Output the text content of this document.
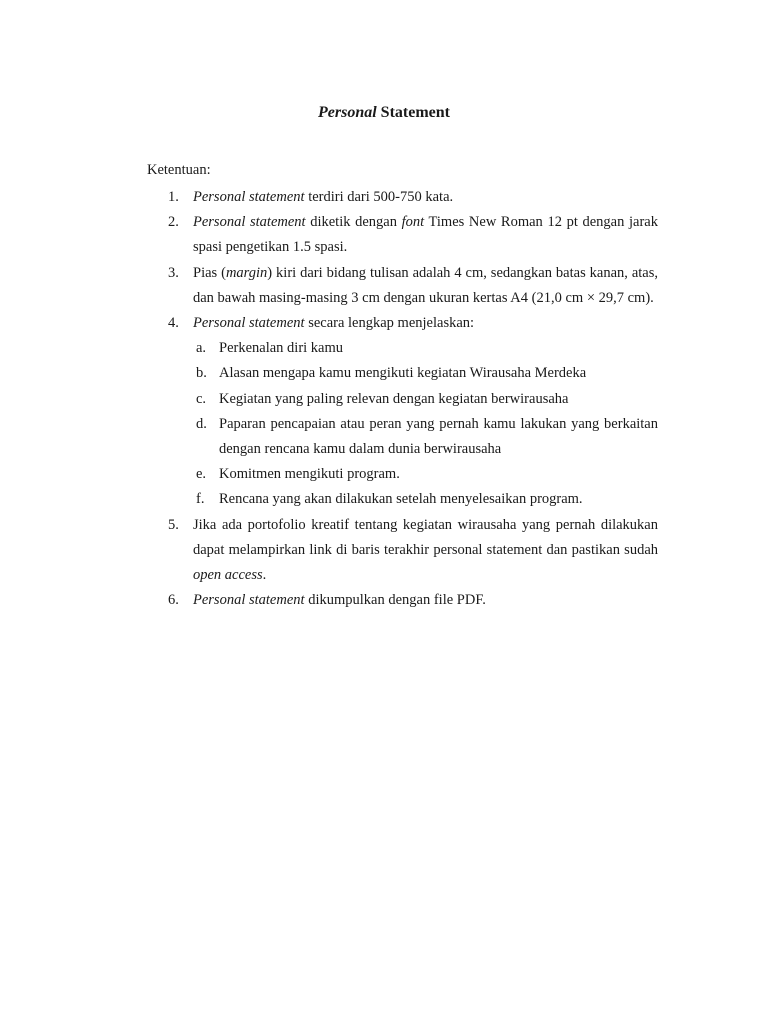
Personal Statement
Ketentuan:
1. Personal statement terdiri dari 500-750 kata.
2. Personal statement diketik dengan font Times New Roman 12 pt dengan jarak spasi pengetikan 1.5 spasi.
3. Pias (margin) kiri dari bidang tulisan adalah 4 cm, sedangkan batas kanan, atas, dan bawah masing-masing 3 cm dengan ukuran kertas A4 (21,0 cm × 29,7 cm).
4. Personal statement secara lengkap menjelaskan:
a. Perkenalan diri kamu
b. Alasan mengapa kamu mengikuti kegiatan Wirausaha Merdeka
c. Kegiatan yang paling relevan dengan kegiatan berwirausaha
d. Paparan pencapaian atau peran yang pernah kamu lakukan yang berkaitan dengan rencana kamu dalam dunia berwirausaha
e. Komitmen mengikuti program.
f.	Rencana yang akan dilakukan setelah menyelesaikan program.
5. Jika ada portofolio kreatif tentang kegiatan wirausaha yang pernah dilakukan dapat melampirkan link di baris terakhir personal statement dan pastikan sudah open access.
6. Personal statement dikumpulkan dengan file PDF.
